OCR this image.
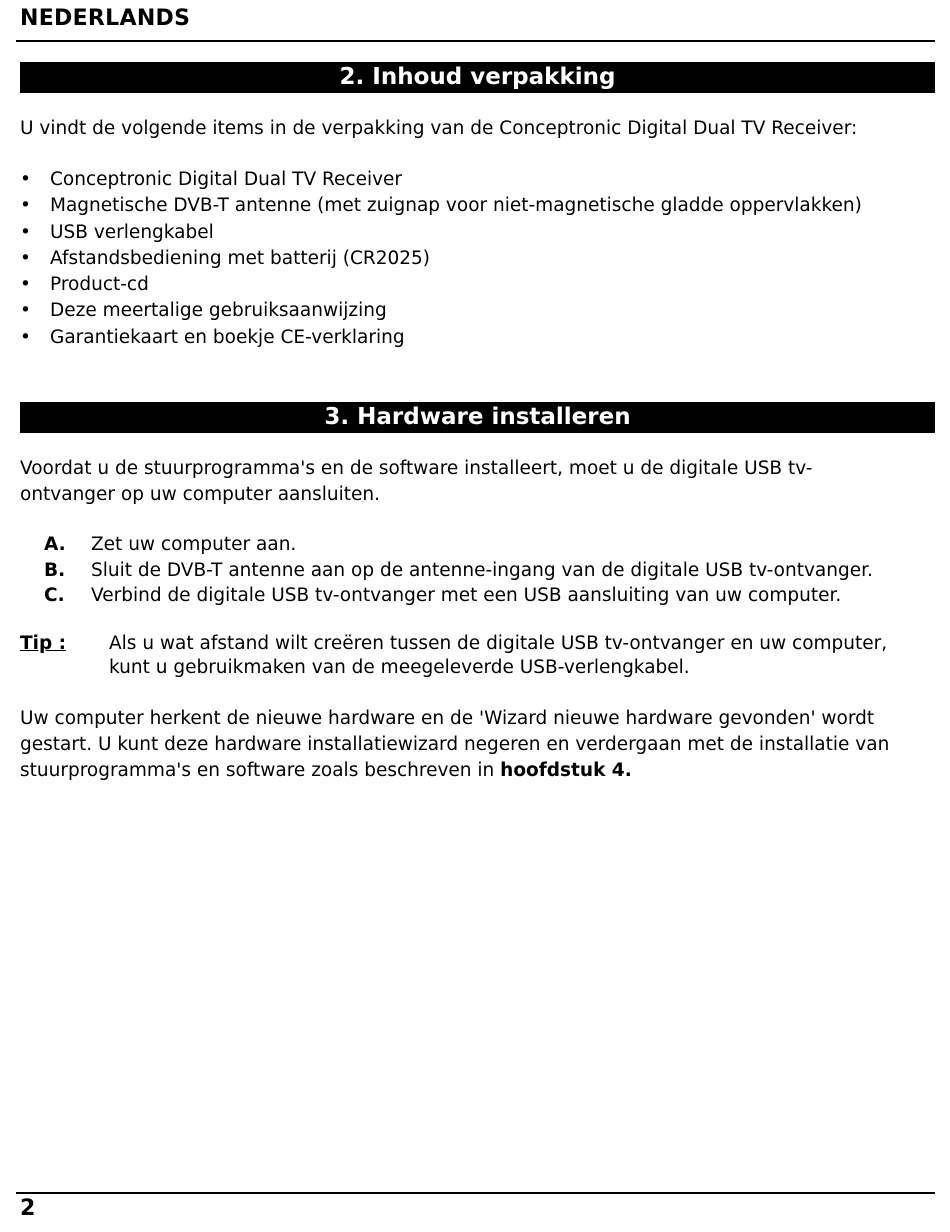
NEDERLANDS
2. Inhoud verpakking
U vindt de volgende items in de verpakking van de Conceptronic Digital Dual TV Receiver:
• Conceptronic Digital Dual TV Receiver
• Magnetische DVB-T antenne (met zuignap voor niet-magnetische gladde oppervlakken)
• USB verlengkabel
• Afstandsbediening met batterij (CR2025)
• Product-cd
• Deze meertalige gebruiksaanwijzing
• Garantiekaart en boekje CE-verklaring
3. Hardware installeren
Voordat u de stuurprogramma's en de software installeert, moet u de digitale USB tv-ontvanger op uw computer aansluiten.
A.	Zet uw computer aan.
B.	Sluit de DVB-T antenne aan op de antenne-ingang van de digitale USB tv-ontvanger.
C.	Verbind de digitale USB tv-ontvanger met een USB aansluiting van uw computer.
Tip :	Als u wat afstand wilt creëren tussen de digitale USB tv-ontvanger en uw computer, kunt u gebruikmaken van de meegeleverde USB-verlengkabel.
Uw computer herkent de nieuwe hardware en de 'Wizard nieuwe hardware gevonden' wordt gestart. U kunt deze hardware installatiewizard negeren en verdergaan met de installatie van stuurprogramma's en software zoals beschreven in hoofdstuk 4.
2
